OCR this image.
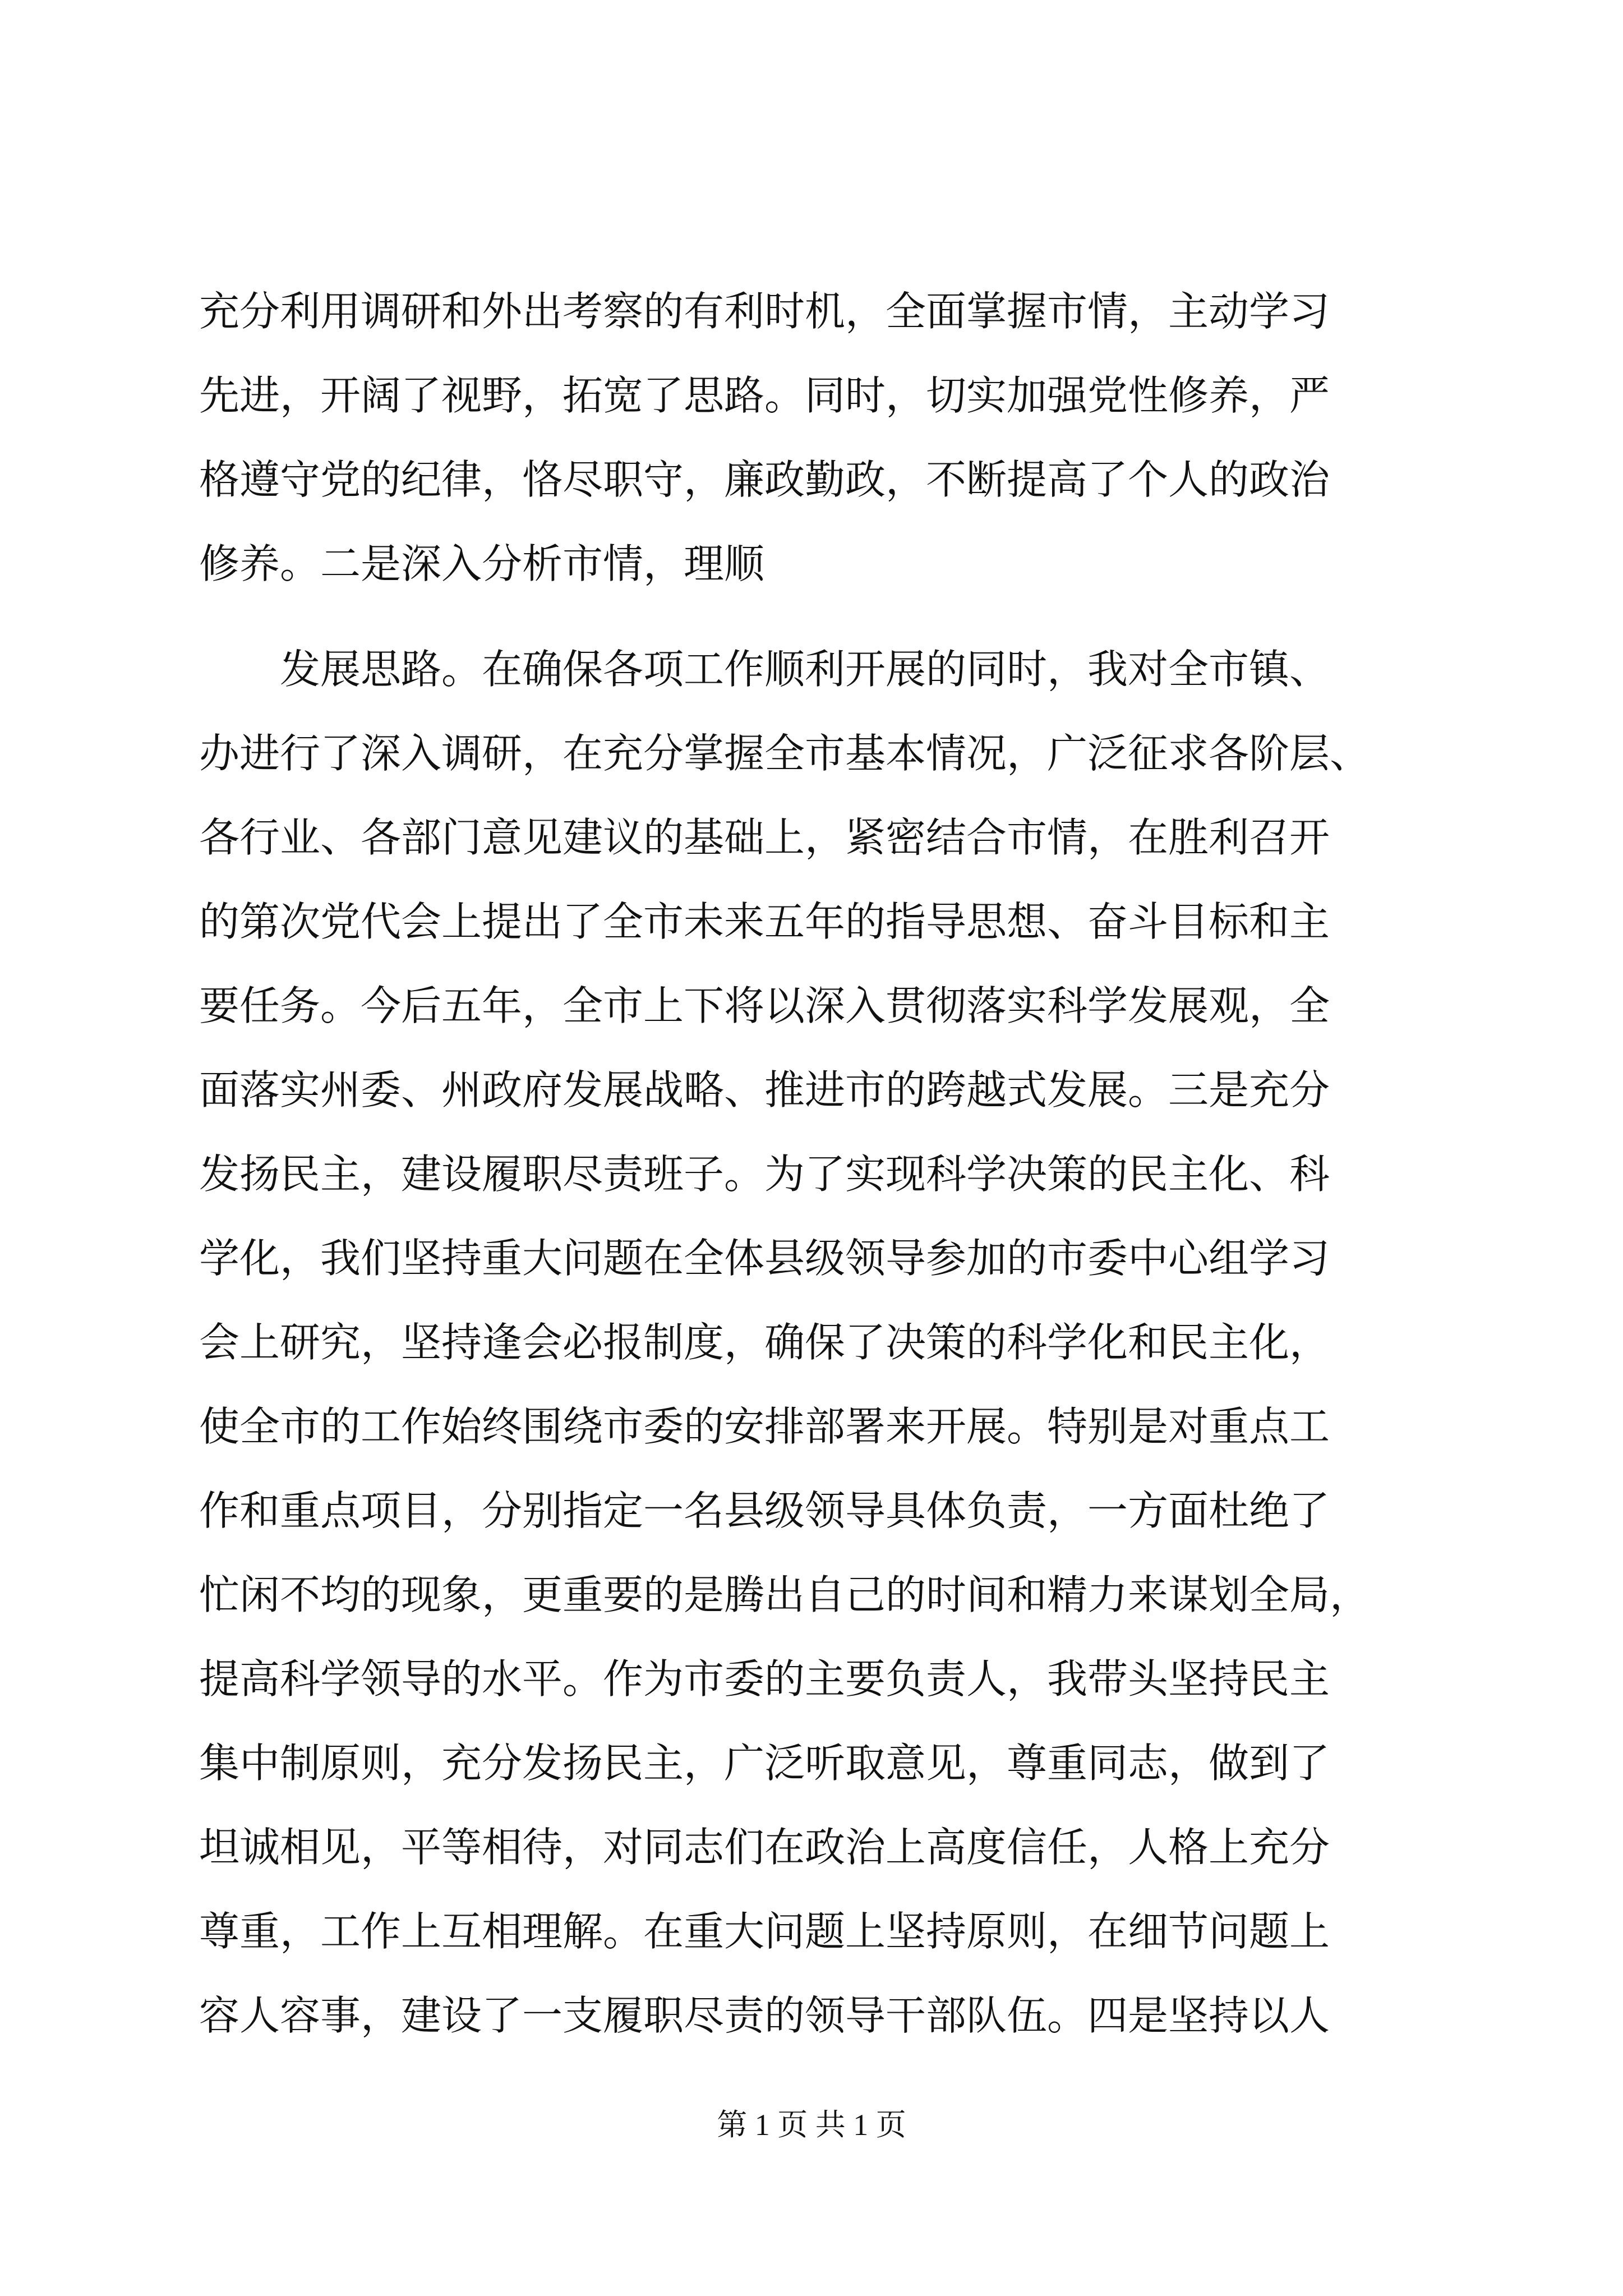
充分利用调研和外出考察的有利时机，全面掌握市情，主动学习
先进，开阔了视野，拓宽了思路。同时，切实加强党性修养，严
格遵守党的纪律，恪尽职守，廉政勤政，不断提高了个人的政治
修养。二是深入分析市情，理顺
　　发展思路。在确保各项工作顺利开展的同时，我对全市镇、
办进行了深入调研，在充分掌握全市基本情况，广泛征求各阶层、
各行业、各部门意见建议的基础上，紧密结合市情，在胜利召开
的第次党代会上提出了全市未来五年的指导思想、奋斗目标和主
要任务。今后五年，全市上下将以深入贯彻落实科学发展观，全
面落实州委、州政府发展战略、推进市的跨越式发展。三是充分
发扬民主，建设履职尽责班子。为了实现科学决策的民主化、科
学化，我们坚持重大问题在全体县级领导参加的市委中心组学习
会上研究，坚持逢会必报制度，确保了决策的科学化和民主化，
使全市的工作始终围绕市委的安排部署来开展。特别是对重点工
作和重点项目，分别指定一名县级领导具体负责，一方面杜绝了
忙闲不均的现象，更重要的是腾出自己的时间和精力来谋划全局，
提高科学领导的水平。作为市委的主要负责人，我带头坚持民主
集中制原则，充分发扬民主，广泛听取意见，尊重同志，做到了
坦诚相见，平等相待，对同志们在政治上高度信任，人格上充分
尊重，工作上互相理解。在重大问题上坚持原则，在细节问题上
容人容事，建设了一支履职尽责的领导干部队伍。四是坚持以人
第 1 页 共 1 页
